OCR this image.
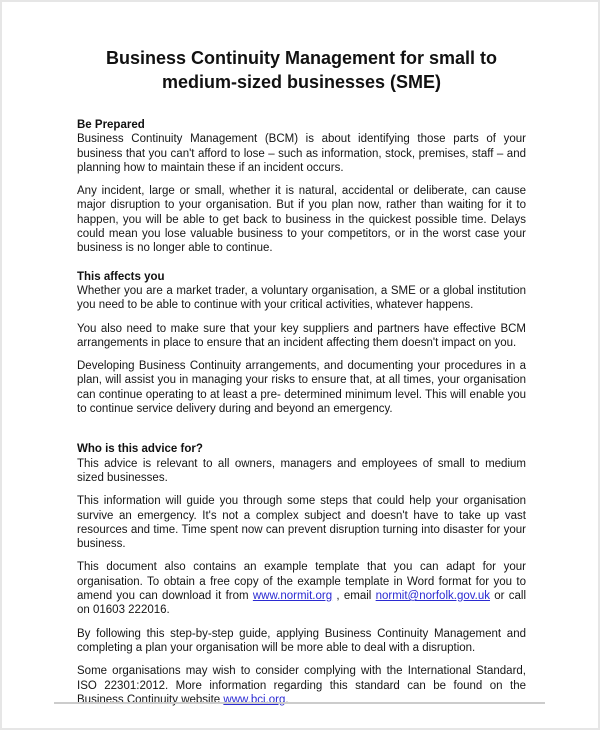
Business Continuity Management for small to
medium-sized businesses (SME)
Be Prepared

Business Continuity Management (BCM) is about identifying those parts of your business that you can't afford to lose – such as information, stock, premises, staff – and planning how to maintain these if an incident occurs.

Any incident, large or small, whether it is natural, accidental or deliberate, can cause major disruption to your organisation. But if you plan now, rather than waiting for it to happen, you will be able to get back to business in the quickest possible time. Delays could mean you lose valuable business to your competitors, or in the worst case your business is no longer able to continue.

This affects you

Whether you are a market trader, a voluntary organisation, a SME or a global institution you need to be able to continue with your critical activities, whatever happens.

You also need to make sure that your key suppliers and partners have effective BCM arrangements in place to ensure that an incident affecting them doesn't impact on you.

Developing Business Continuity arrangements, and documenting your procedures in a plan, will assist you in managing your risks to ensure that, at all times, your organisation can continue operating to at least a pre- determined minimum level. This will enable you to continue service delivery during and beyond an emergency.

Who is this advice for?

This advice is relevant to all owners, managers and employees of small to medium sized businesses.

This information will guide you through some steps that could help your organisation survive an emergency. It's not a complex subject and doesn't have to take up vast resources and time. Time spent now can prevent disruption turning into disaster for your business.

This document also contains an example template that you can adapt for your organisation. To obtain a free copy of the example template in Word format for you to amend you can download it from www.normit.org , email normit@norfolk.gov.uk or call on 01603 222016.

By following this step-by-step guide, applying Business Continuity Management and completing a plan your organisation will be more able to deal with a disruption.

Some organisations may wish to consider complying with the International Standard, ISO 22301:2012. More information regarding this standard can be found on the Business Continuity website www.bci.org.
